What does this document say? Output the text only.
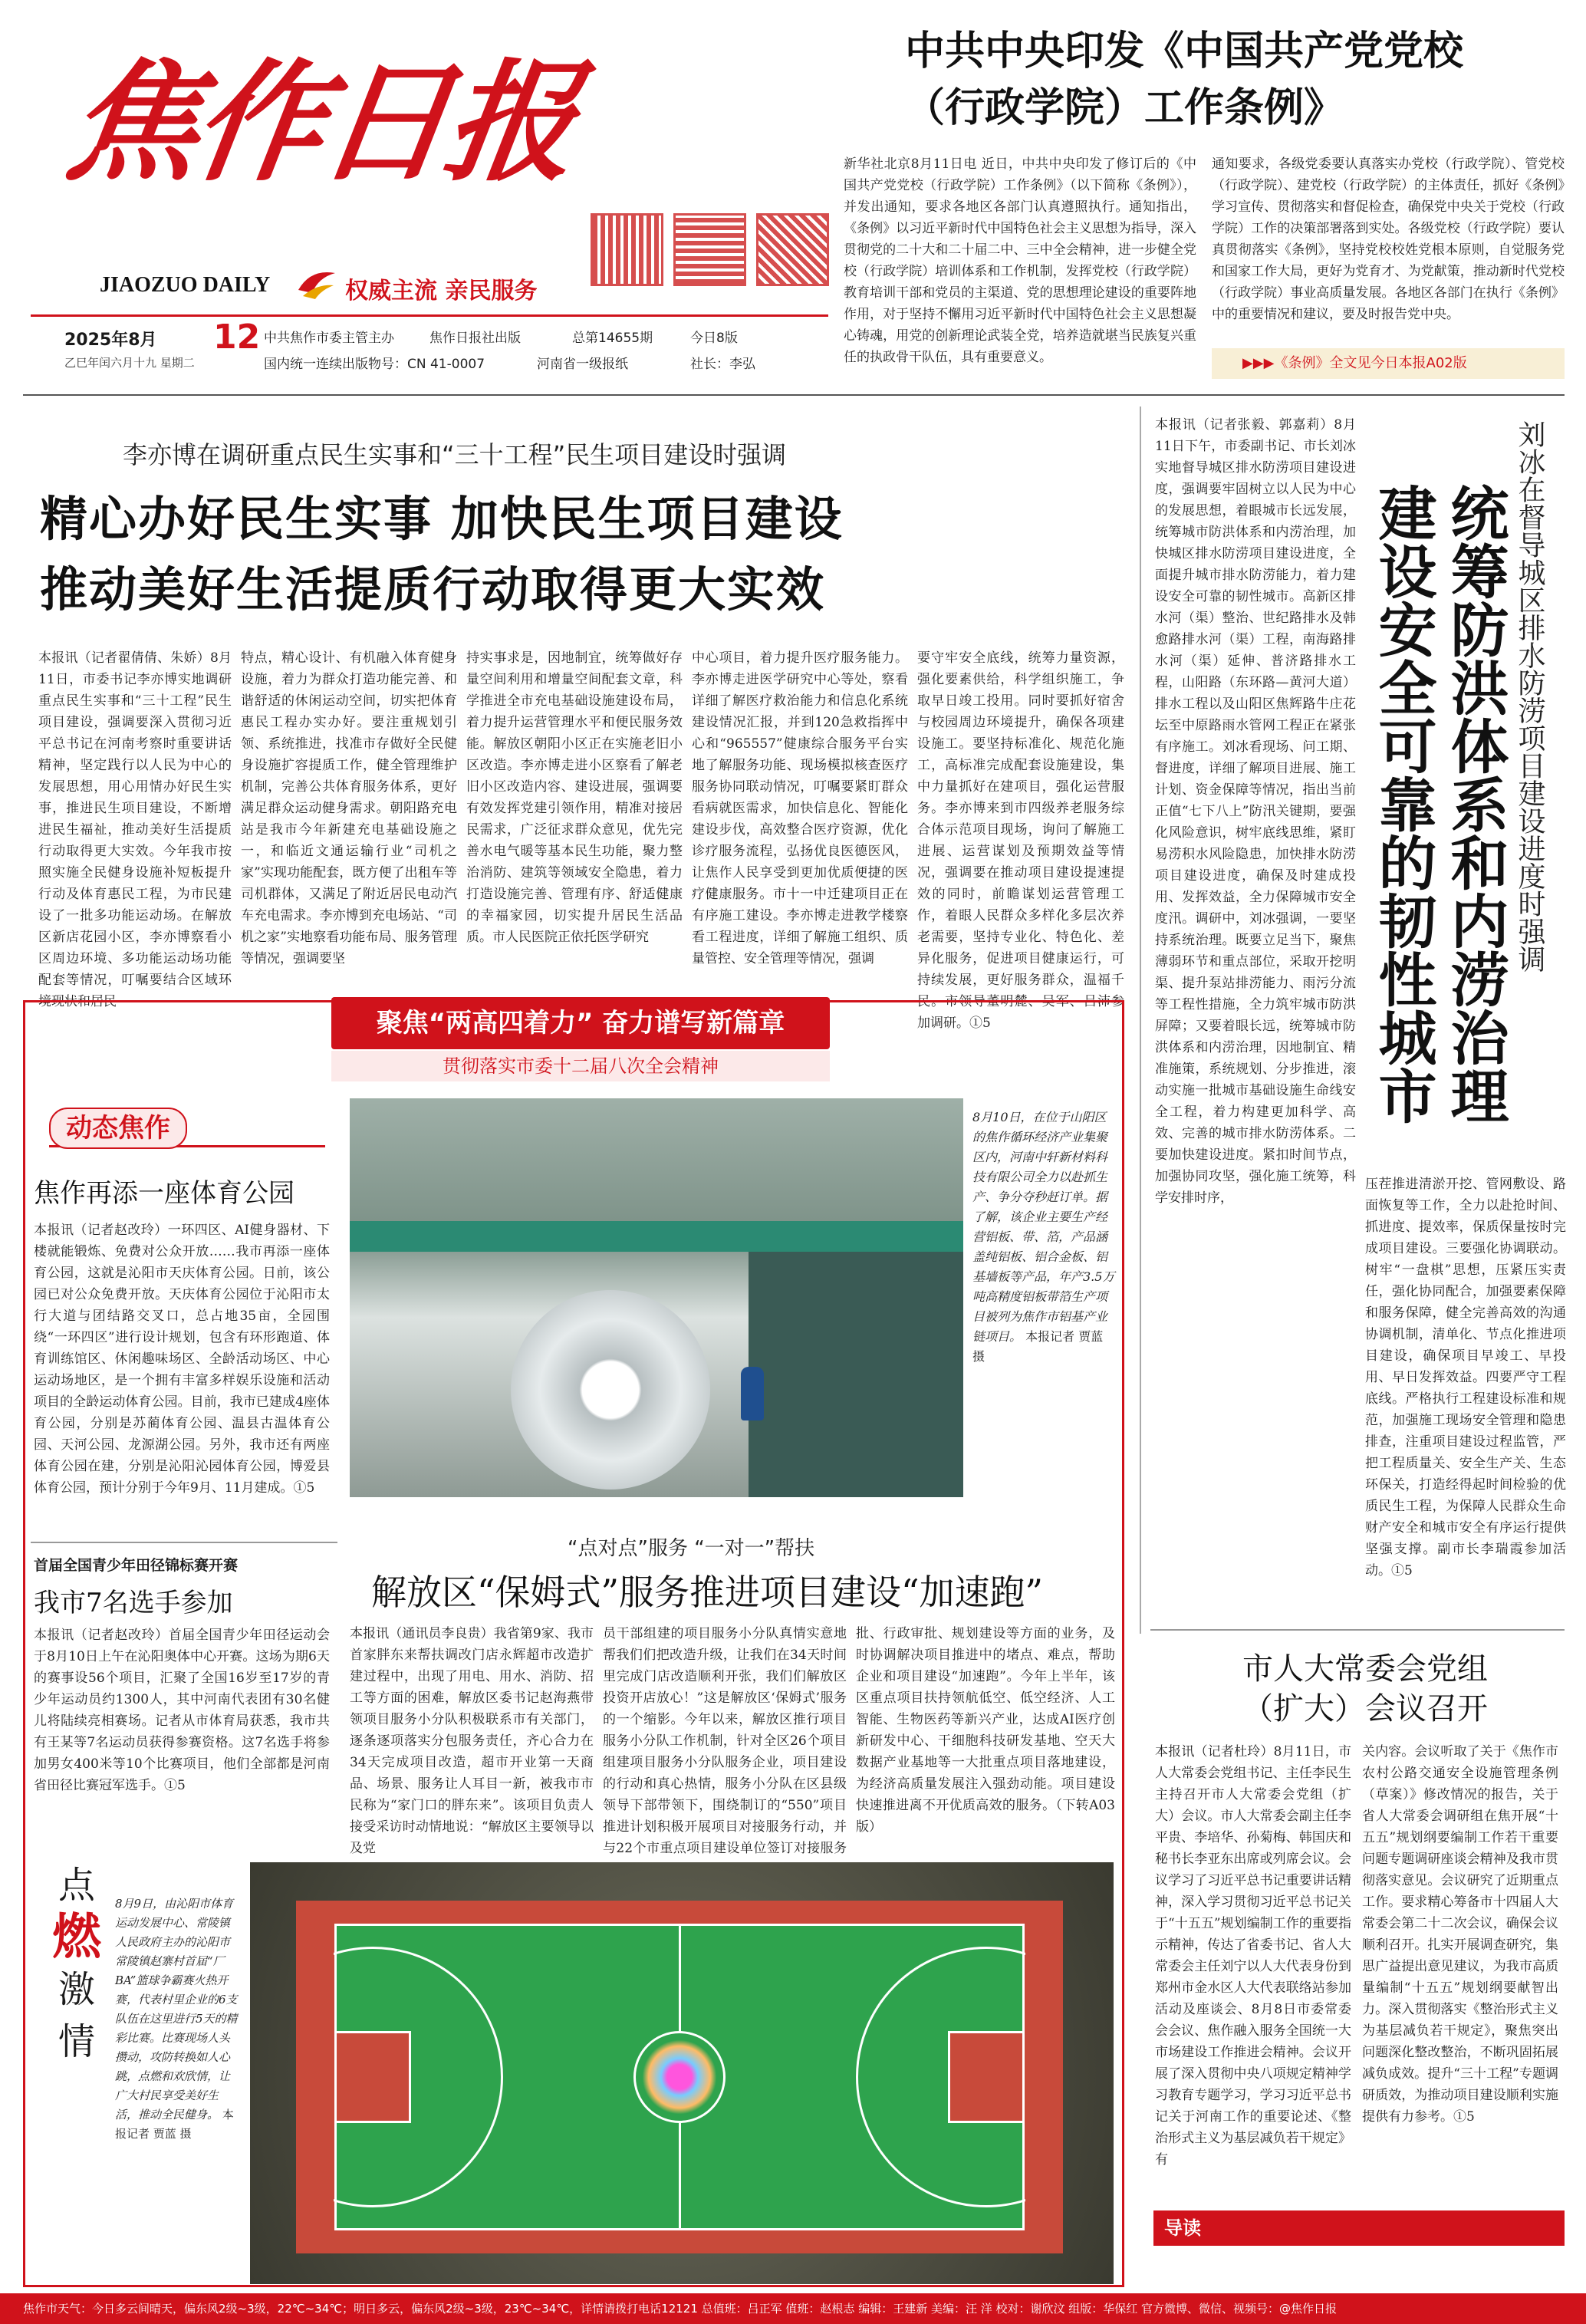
焦作日报
JIAOZUO DAILY	权威主流 亲民服务
2025年8月 12
乙巳年闰六月十九 星期二
中共焦作市委主管主办	焦作日报社出版	总第14655期	今日8版
国内统一连续出版物号：CN 41-0007	河南省一级报纸	社长：李弘
中共中央印发《中国共产党党校（行政学院）工作条例》
新华社北京8月11日电 近日，中共中央印发了修订后的《中国共产党党校（行政学院）工作条例》（以下简称《条例》），并发出通知，要求各地区各部门认真遵照执行。通知指出，《条例》以习近平新时代中国特色社会主义思想为指导，深入贯彻党的二十大和二十届二中、三中全会精神，进一步健全党校（行政学院）培训体系和工作机制，发挥党校（行政学院）教育培训干部和党员的主渠道、党的思想理论建设的重要阵地作用，对于坚持不懈用习近平新时代中国特色社会主义思想凝心铸魂，用党的创新理论武装全党，培养造就堪当民族复兴重任的执政骨干队伍，具有重要意义。
通知要求，各级党委要认真落实办党校（行政学院）、管党校（行政学院）、建党校（行政学院）的主体责任，抓好《条例》学习宣传、贯彻落实和督促检查，确保党中央关于党校（行政学院）工作的决策部署落到实处。各级党校（行政学院）要认真贯彻落实《条例》，坚持党校校姓党根本原则，自觉服务党和国家工作大局，更好为党育才、为党献策，推动新时代党校（行政学院）事业高质量发展。各地区各部门在执行《条例》中的重要情况和建议，要及时报告党中央。
▶▶▶《条例》全文见今日本报A02版
李亦博在调研重点民生实事和“三十工程”民生项目建设时强调
精心办好民生实事 加快民生项目建设
推动美好生活提质行动取得更大实效
本报讯（记者翟倩倩、朱娇）8月11日，市委书记李亦博实地调研重点民生实事和“三十工程”民生项目建设，强调要深入贯彻习近平总书记在河南考察时重要讲话精神，坚定践行以人民为中心的发展思想，用心用情办好民生实事，推进民生项目建设，不断增进民生福祉，推动美好生活提质行动取得更大实效。今年我市按照实施全民健身设施补短板提升行动及体育惠民工程，为市民建设了一批多功能运动场。在解放区新店花园小区，李亦博察看小区周边环境、多功能运动场功能配套等情况，叮嘱要结合区域环境现状和居民
特点，精心设计、有机融入体育健身设施，着力为群众打造功能完善、和谐舒适的休闲运动空间，切实把体育惠民工程办实办好。要注重规划引领、系统推进，找准市存做好全民健身设施扩容提质工作，健全管理维护机制，完善公共体育服务体系，更好满足群众运动健身需求。朝阳路充电站是我市今年新建充电基础设施之一，和临近文通运输行业“司机之家”实现功能配套，既方便了出租车等司机群体，又满足了附近居民电动汽车充电需求。李亦博到充电场站、“司机之家”实地察看功能布局、服务管理等情况，强调要坚
持实事求是，因地制宜，统筹做好存量空间利用和增量空间配套文章，科学推进全市充电基础设施建设布局，着力提升运营管理水平和便民服务效能。解放区朝阳小区正在实施老旧小区改造。李亦博走进小区察看了解老旧小区改造内容、建设进展，强调要有效发挥党建引领作用，精准对接居民需求，广泛征求群众意见，优先完善水电气暖等基本民生功能，聚力整治消防、建筑等领域安全隐患，着力打造设施完善、管理有序、舒适健康的幸福家园，切实提升居民生活品质。市人民医院正依托医学研究
中心项目，着力提升医疗服务能力。李亦博走进医学研究中心等处，察看详细了解医疗救治能力和信息化系统建设情况汇报，并到120急救指挥中心和“965557”健康综合服务平台实地了解服务功能、现场模拟核查医疗服务协同联动情况，叮嘱要紧盯群众看病就医需求，加快信息化、智能化建设步伐，高效整合医疗资源，优化诊疗服务流程，弘扬优良医德医风，让焦作人民享受到更加优质便捷的医疗健康服务。市十一中迁建项目正在有序施工建设。李亦博走进教学楼察看工程进度，详细了解施工组织、质量管控、安全管理等情况，强调
要守牢安全底线，统筹力量资源，强化要素供给，科学组织施工，争取早日竣工投用。同时要抓好宿舍与校园周边环境提升，确保各项建设施工。要坚持标准化、规范化施工，高标准完成配套设施建设，集中力量抓好在建项目，强化运营服务。李亦博来到市四级养老服务综合体示范项目现场，询问了解施工进展、运营谋划及预期效益等情况，强调要在推动项目建设提速提效的同时，前瞻谋划运营管理工作，着眼人民群众多样化多层次养老需要，坚持专业化、特色化、差异化服务，促进项目健康运行，可持续发展，更好服务群众，温福千民。市领导董明麓、吴军、吕沛参加调研。①5
刘冰在督导城区排水防涝项目建设进度时强调
统筹防洪体系和内涝治理 建设安全可靠的韧性城市
本报讯（记者张毅、郭嘉莉）8月11日下午，市委副书记、市长刘冰实地督导城区排水防涝项目建设进度，强调要牢固树立以人民为中心的发展思想，着眼城市长远发展，统筹城市防洪体系和内涝治理，加快城区排水防涝项目建设进度，全面提升城市排水防涝能力，着力建设安全可靠的韧性城市。高新区排水河（渠）整治、世纪路排水及韩愈路排水河（渠）工程，南海路排水河（渠）延伸、普济路排水工程，山阳路（东环路—黄河大道）排水工程以及山阳区焦辉路牛庄花坛至中原路雨水管网工程正在紧张有序施工。刘冰看现场、问工期、督进度，详细了解项目进展、施工计划、资金保障等情况，指出当前正值“七下八上”防汛关键期，要强化风险意识，树牢底线思维，紧盯易涝积水风险隐患，加快排水防涝项目建设进度，确保及时建成投用、发挥效益，全力保障城市安全度汛。调研中，刘冰强调，一要坚持系统治理。既要立足当下，聚焦薄弱环节和重点部位，采取开挖明渠、提升泵站排涝能力、雨污分流等工程性措施，全力筑牢城市防洪屏障；又要着眼长远，统筹城市防洪体系和内涝治理，因地制宜、精准施策，系统规划、分步推进，滚动实施一批城市基础设施生命线安全工程，着力构建更加科学、高效、完善的城市排水防涝体系。二要加快建设进度。紧扣时间节点，加强协同攻坚，强化施工统筹，科学安排时序，
压茬推进清淤开挖、管网敷设、路面恢复等工作，全力以赴抢时间、抓进度、提效率，保质保量按时完成项目建设。三要强化协调联动。树牢“一盘棋”思想，压紧压实责任，强化协同配合，加强要素保障和服务保障，健全完善高效的沟通协调机制，清单化、节点化推进项目建设，确保项目早竣工、早投用、早日发挥效益。四要严守工程底线。严格执行工程建设标准和规范，加强施工现场安全管理和隐患排查，注重项目建设过程监管，严把工程质量关、安全生产关、生态环保关，打造经得起时间检验的优质民生工程，为保障人民群众生命财产安全和城市安全有序运行提供坚强支撑。副市长李瑞霞参加活动。①5
聚焦“两高四着力” 奋力谱写新篇章
贯彻落实市委十二届八次全会精神
动态焦作
焦作再添一座体育公园
本报讯（记者赵改玲）一环四区、AI健身器材、下楼就能锻炼、免费对公众开放……我市再添一座体育公园，这就是沁阳市天庆体育公园。日前，该公园已对公众免费开放。天庆体育公园位于沁阳市太行大道与团结路交叉口，总占地35亩，全园围绕“一环四区”进行设计规划，包含有环形跑道、体育训练馆区、休闲趣味场区、全龄活动场区、中心运动场地区，是一个拥有丰富多样娱乐设施和活动项目的全龄运动体育公园。目前，我市已建成4座体育公园，分别是苏蔺体育公园、温县古温体育公园、天河公园、龙源湖公园。另外，我市还有两座体育公园在建，分别是沁阳沁园体育公园，博爱县体育公园，预计分别于今年9月、11月建成。①5
8月10日，在位于山阳区的焦作循环经济产业集聚区内，河南中轩新材料科技有限公司全力以赴抓生产、争分夺秒赶订单。据了解，该企业主要生产经营铝板、带、箔，产品涵盖纯铝板、铝合金板、铝基墙板等产品，年产3.5万吨高精度铝板带箔生产项目被列为焦作市铝基产业链项目。 本报记者 贾蓝 摄
首届全国青少年田径锦标赛开赛
我市7名选手参加
本报讯（记者赵改玲）首届全国青少年田径运动会于8月10日上午在沁阳奥体中心开赛。这场为期6天的赛事设56个项目，汇聚了全国16岁至17岁的青少年运动员约1300人，其中河南代表团有30名健儿将陆续亮相赛场。记者从市体育局获悉，我市共有王某等7名运动员获得参赛资格。这7名选手将参加男女400米等10个比赛项目，他们全部都是河南省田径比赛冠军选手。①5
“点对点”服务 “一对一”帮扶
解放区“保姆式”服务推进项目建设“加速跑”
本报讯（通讯员李良贵）我省第9家、我市首家胖东来帮扶调改门店永辉超市改造扩建过程中，出现了用电、用水、消防、招工等方面的困难，解放区委书记赵海燕带领项目服务小分队积极联系市有关部门，逐条逐项落实分包服务责任，齐心合力在34天完成项目改造，超市开业第一天商品、场景、服务让人耳目一新，被我市市民称为“家门口的胖东来”。该项目负责人接受采访时动情地说：“解放区主要领导以及党
员干部组建的项目服务小分队真情实意地帮我们们把改造升级，让我们在34天时间里完成门店改造顺利开张，我们们解放区投资开店放心！”这是解放区‘保姆式’服务的一个缩影。今年以来，解放区推行项目服务小分队工作机制，针对全区26个项目组建项目服务小分队服务企业，项目建设的行动和真心热情，服务小分队在区县级领导下部带领下，围绕制订的“550”项目推进计划积极开展项目对接服务行动，并与22个市重点项目建设单位签订对接服务
批、行政审批、规划建设等方面的业务，及时协调解决项目推进中的堵点、难点，帮助企业和项目建设“加速跑”。今年上半年，该区重点项目扶持领航低空、低空经济、人工智能、生物医药等新兴产业，达成AI医疗创新研发中心、干细胞科技研发基地、空天大数据产业基地等一大批重点项目落地建设，为经济高质量发展注入强劲动能。项目建设快速推进离不开优质高效的服务。（下转A03版）
点
燃
激
情
8月9日，由沁阳市体育运动发展中心、常陵镇人民政府主办的沁阳市常陵镇赵寨村首届“厂BA”篮球争霸赛火热开赛，代表村里企业的6支队伍在这里进行5天的精彩比赛。比赛现场人头攒动，攻防转换如人心跳，点燃和欢欣情，让广大村民享受美好生活，推动全民健身。 本报记者 贾蓝 摄
市人大常委会党组
（扩大）会议召开
本报讯（记者杜玲）8月11日，市人大常委会党组书记、主任李民生主持召开市人大常委会党组（扩大）会议。市人大常委会副主任李平贵、李培华、孙菊梅、韩国庆和秘书长李亚东出席或列席会议。会议学习了习近平总书记重要讲话精神，深入学习贯彻习近平总书记关于“十五五”规划编制工作的重要指示精神，传达了省委书记、省人大常委会主任刘宁以人大代表身份到郑州市金水区人大代表联络站参加活动及座谈会、8月8日市委常委会会议、焦作融入服务全国统一大市场建设工作推进会精神。会议开展了深入贯彻中央八项规定精神学习教育专题学习，学习习近平总书记关于河南工作的重要论述、《整治形式主义为基层减负若干规定》有
关内容。会议听取了关于《焦作市农村公路交通安全设施管理条例（草案）》修改情况的报告，关于省人大常委会调研组在焦开展“十五五”规划纲要编制工作若干重要问题专题调研座谈会精神及我市贯彻落实意见。会议研究了近期重点工作。要求精心筹备市十四届人大常委会第二十二次会议，确保会议顺利召开。扎实开展调查研究，集思广益提出意见建议，为我市高质量编制“十五五”规划纲要献智出力。深入贯彻落实《整治形式主义为基层减负若干规定》，聚焦突出问题深化整改整治，不断巩固拓展减负成效。提升“三十工程”专题调研质效，为推动项目建设顺利实施提供有力参考。①5
导读
焦作市天气：今日多云间晴天，偏东风2级~3级，22℃~34℃；明日多云，偏东风2级~3级，23℃~34℃，详情请拨打电话12121 总值班：吕正军 值班：赵根志 编辑：王建新 美编：汪 洋 校对：谢欣汶 组版：华保红 官方微博、微信、视频号：@焦作日报
